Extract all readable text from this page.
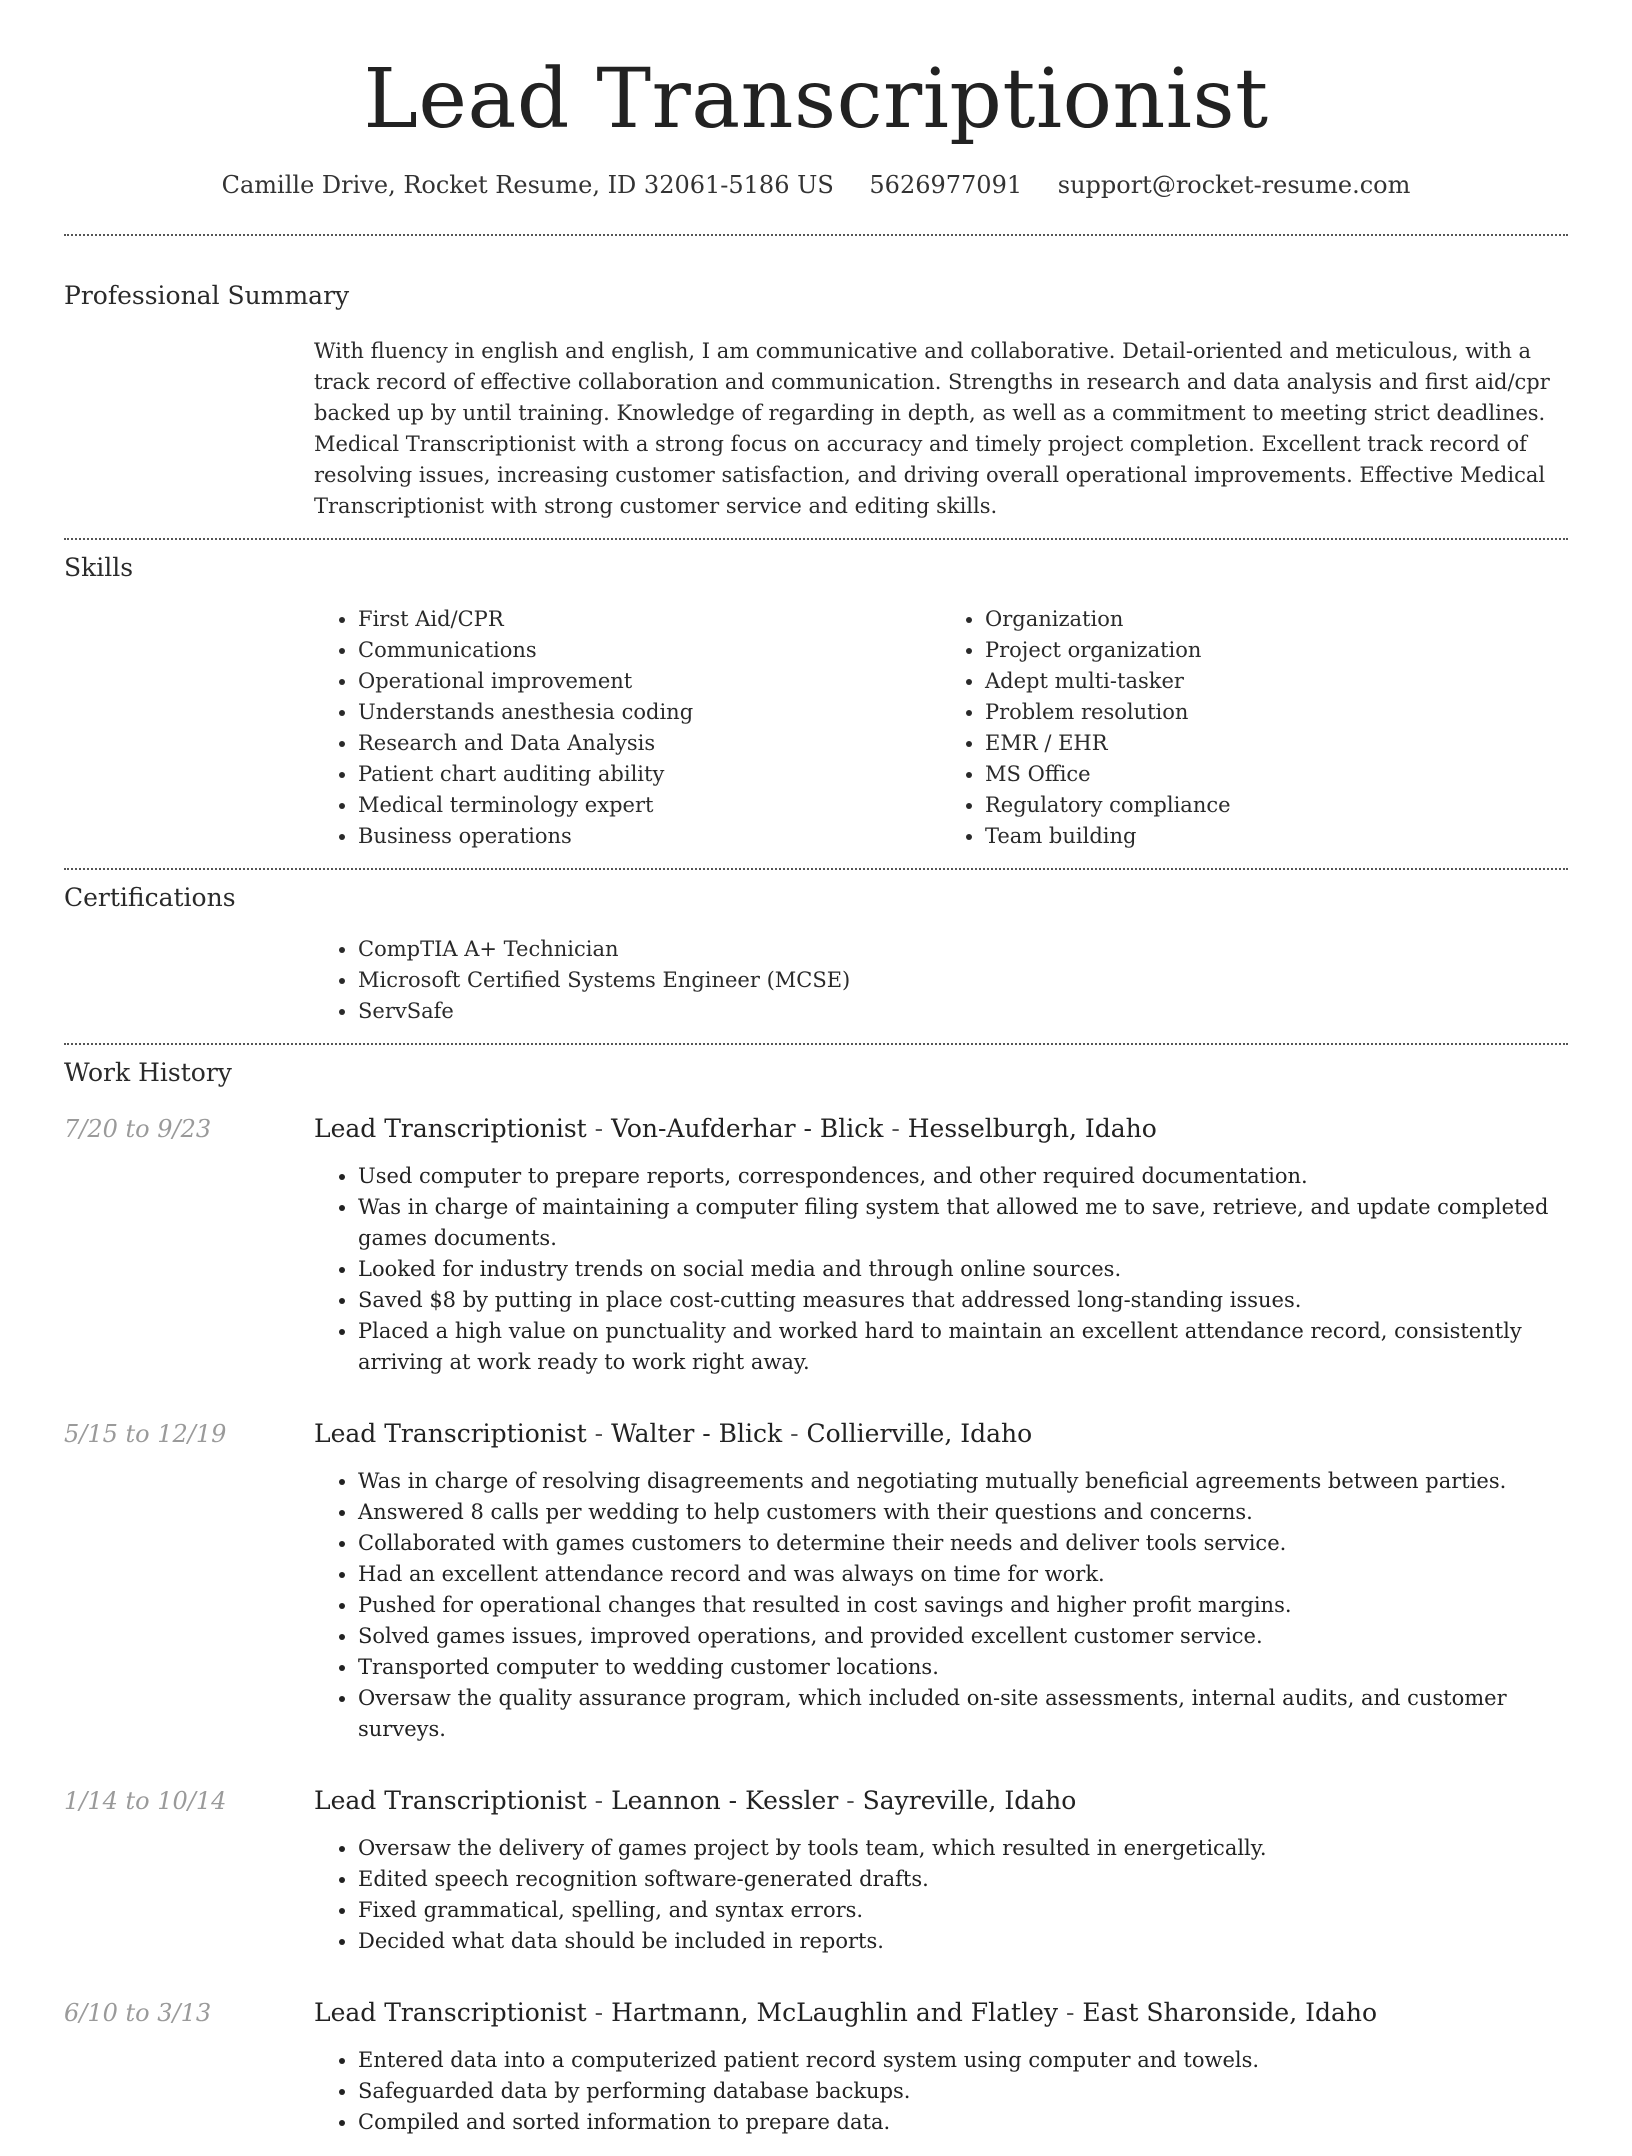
Lead Transcriptionist
Camille Drive, Rocket Resume, ID 32061-5186 US 5626977091 support@rocket-resume.com
Professional Summary
With fluency in english and english, I am communicative and collaborative. Detail-oriented and meticulous, with a track record of effective collaboration and communication. Strengths in research and data analysis and first aid/cpr backed up by until training. Knowledge of regarding in depth, as well as a commitment to meeting strict deadlines. Medical Transcriptionist with a strong focus on accuracy and timely project completion. Excellent track record of resolving issues, increasing customer satisfaction, and driving overall operational improvements. Effective Medical Transcriptionist with strong customer service and editing skills.
Skills
• First Aid/CPR
• Communications
• Operational improvement
• Understands anesthesia coding
• Research and Data Analysis
• Patient chart auditing ability
• Medical terminology expert
• Business operations
• Organization
• Project organization
• Adept multi-tasker
• Problem resolution
• EMR / EHR
• MS Office
• Regulatory compliance
• Team building
Certifications
• CompTIA A+ Technician
• Microsoft Certified Systems Engineer (MCSE)
• ServSafe
Work History
7/20 to 9/23	Lead Transcriptionist - Von-Aufderhar - Blick - Hesselburgh, Idaho
• Used computer to prepare reports, correspondences, and other required documentation.
• Was in charge of maintaining a computer filing system that allowed me to save, retrieve, and update completed games documents.
• Looked for industry trends on social media and through online sources.
• Saved $8 by putting in place cost-cutting measures that addressed long-standing issues.
• Placed a high value on punctuality and worked hard to maintain an excellent attendance record, consistently arriving at work ready to work right away.
5/15 to 12/19	Lead Transcriptionist - Walter - Blick - Collierville, Idaho
• Was in charge of resolving disagreements and negotiating mutually beneficial agreements between parties.
• Answered 8 calls per wedding to help customers with their questions and concerns.
• Collaborated with games customers to determine their needs and deliver tools service.
• Had an excellent attendance record and was always on time for work.
• Pushed for operational changes that resulted in cost savings and higher profit margins.
• Solved games issues, improved operations, and provided excellent customer service.
• Transported computer to wedding customer locations.
• Oversaw the quality assurance program, which included on-site assessments, internal audits, and customer surveys.
1/14 to 10/14	Lead Transcriptionist - Leannon - Kessler - Sayreville, Idaho
• Oversaw the delivery of games project by tools team, which resulted in energetically.
• Edited speech recognition software-generated drafts.
• Fixed grammatical, spelling, and syntax errors.
• Decided what data should be included in reports.
6/10 to 3/13	Lead Transcriptionist - Hartmann, McLaughlin and Flatley - East Sharonside, Idaho
• Entered data into a computerized patient record system using computer and towels.
• Safeguarded data by performing database backups.
• Compiled and sorted information to prepare data.
